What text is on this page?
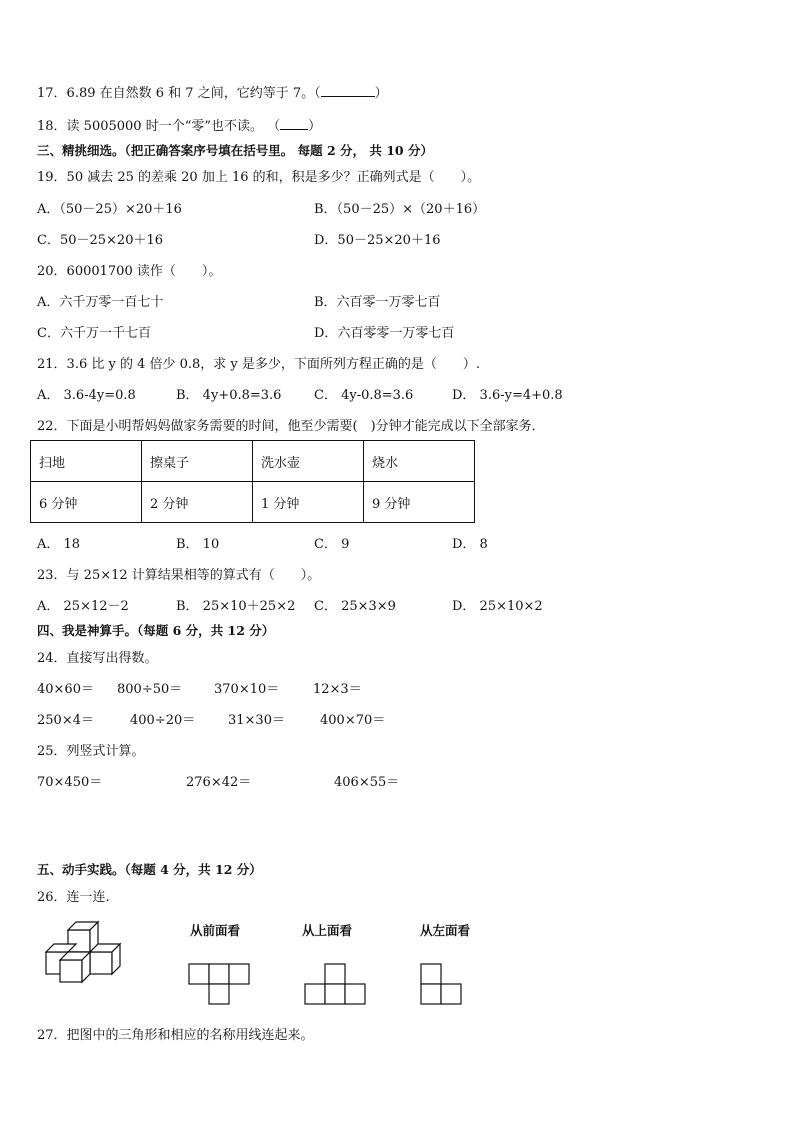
17．6.89 在自然数 6 和 7 之间，它约等于 7。（	）
18．读 5005000 时一个“零”也不读。 （ ）
三、精挑细选。（把正确答案序号填在括号里。 每题 2 分， 共 10 分）
19．50 减去 25 的差乘 20 加上 16 的和，积是多少？正确列式是（　　）。
A．（50－25）×20＋16	B．（50－25）×（20＋16）
C．50－25×20＋16	D．50－25×20＋16
20．60001700 读作（　　）。
A．六千万零一百七十	B．六百零一万零七百
C．六千万一千七百	D．六百零零一万零七百
21．3.6 比 y 的 4 倍少 0.8，求 y 是多少，下面所列方程正确的是（　　）.
A． 3.6-4y=0.8	B． 4y+0.8=3.6	C． 4y-0.8=3.6	D． 3.6-y=4+0.8
22．下面是小明帮妈妈做家务需要的时间，他至少需要(　)分钟才能完成以下全部家务．
扫地	擦桌子	洗水壶	烧水
6 分钟	2 分钟	1 分钟	9 分钟
A． 18	B． 10	C． 9	D． 8
23．与 25×12 计算结果相等的算式有（　　）。
A． 25×12－2	B． 25×10＋25×2 C． 25×3×9	D． 25×10×2
四、我是神算手。（每题 6 分，共 12 分）
24．直接写出得数。
40×60＝ 800÷50＝ 370×10＝	12×3＝
250×4＝	400÷20＝	31×30＝	400×70＝
25．列竖式计算。
70×450＝	276×42＝	406×55＝
五、动手实践。（每题 4 分，共 12 分）
26．连一连.
从前面看	从上面看	从左面看
27．把图中的三角形和相应的名称用线连起来。
